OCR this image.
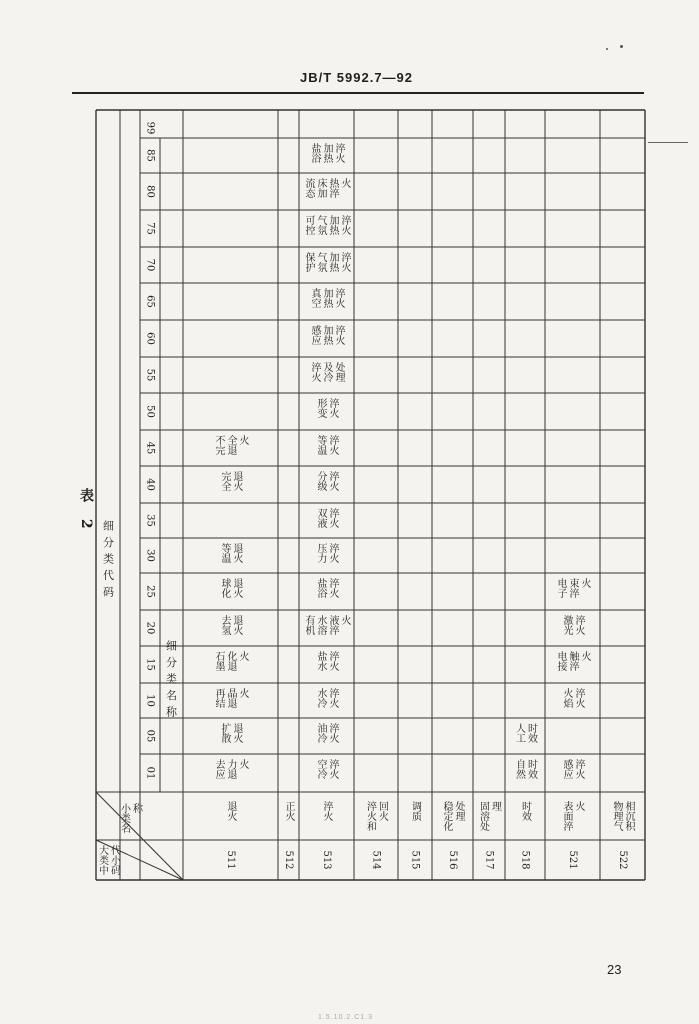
JB/T 5992.7—92
表 2
细 分 类 代 码
细 分 类 名 称
01
05
10
15
20
25
30
35
40
45
50
55
60
65
70
75
80
85
99
大类中 代小码
小类名 称
511
退火
再结 晶退 火
石墨 化退 火
去氢 退火
球化 退火
等温 退火
完全 退火
不完 全退 火
去应 力退 火
扩散 退火
512
正火
513
淬火
水冷 淬火
盐水 淬火
有机 水溶 液淬 火
盐浴 淬火
压力 淬火
双液 淬火
分级 淬火
等温 淬火
形变 淬火
淬火 及冷 处理
感应 加热 淬火
真空 加热 淬火
保护 气氛 加热 淬火
可控 气氛 加热 淬火
流态 床加 热淬 火
盐浴 加热 淬火
空冷 淬火
油冷 淬火
514
淬火和 回火
515
调质
516
稳定化 处理
517
固溶处 理
518
时效
自然 时效
人工 时效
521
表面淬 火
火焰 淬火
电接 触淬 火
激光 淬火
电子 束淬 火
感应 淬火
522
物理气 相沉积
23
1.5.10.2.C1.3
